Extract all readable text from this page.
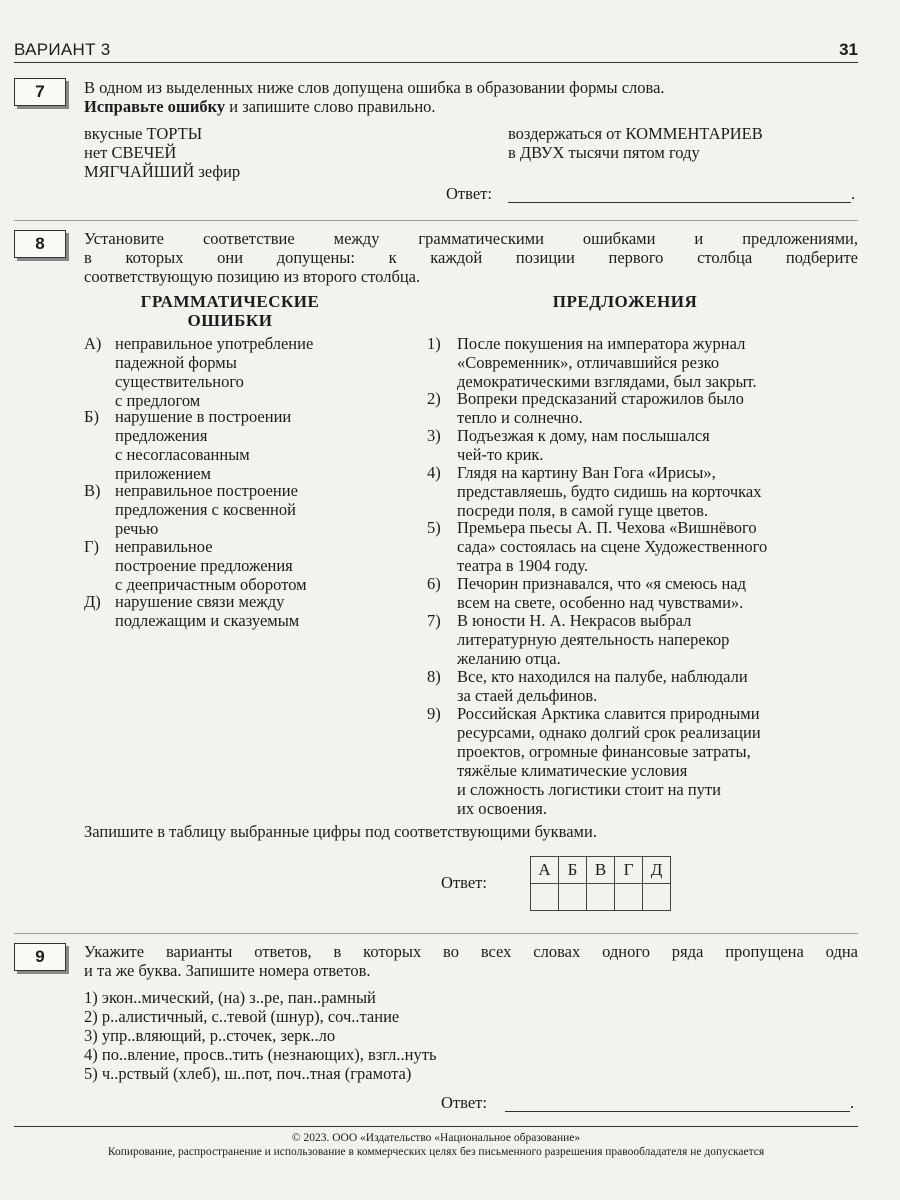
ВАРИАНТ 3	31
7	В одном из выделенных ниже слов допущена ошибка в образовании формы слова.
Исправьте ошибку и запишите слово правильно.
вкусные ТОРТЫ
нет СВЕЧЕЙ
МЯГЧАЙШИЙ зефир
воздержаться от КОММЕНТАРИЕВ
в ДВУХ тысячи пятом году
Ответ:	.
8	Установите соответствие между грамматическими ошибками и предложениями,
в которых они допущены: к каждой позиции первого столбца подберите
соответствующую позицию из второго столбца.
ГРАММАТИЧЕСКИЕ
ОШИБКИ
ПРЕДЛОЖЕНИЯ
А) неправильное употребление
падежной формы
существительного
с предлогом
Б) нарушение в построении
предложения
с несогласованным
приложением
В) неправильное построение
предложения с косвенной
речью
Г) неправильное
построение предложения
с деепричастным оборотом
Д) нарушение связи между
подлежащим и сказуемым
1) После покушения на императора журнал
«Современник», отличавшийся резко
демократическими взглядами, был закрыт.
2) Вопреки предсказаний старожилов было
тепло и солнечно.
3) Подъезжая к дому, нам послышался
чей-то крик.
4) Глядя на картину Ван Гога «Ирисы»,
представляешь, будто сидишь на корточках
посреди поля, в самой гуще цветов.
5) Премьера пьесы А. П. Чехова «Вишнёвого
сада» состоялась на сцене Художественного
театра в 1904 году.
6) Печорин признавался, что «я смеюсь над
всем на свете, особенно над чувствами».
7) В юности Н. А. Некрасов выбрал
литературную деятельность наперекор
желанию отца.
8) Все, кто находился на палубе, наблюдали
за стаей дельфинов.
9) Российская Арктика славится природными
ресурсами, однако долгий срок реализации
проектов, огромные финансовые затраты,
тяжёлые климатические условия
и сложность логистики стоит на пути
их освоения.
Запишите в таблицу выбранные цифры под соответствующими буквами.
Ответ:
А	Б	В	Г	Д

9	Укажите варианты ответов, в которых во всех словах одного ряда пропущена одна
и та же буква. Запишите номера ответов.
1) экон..мический, (на) з..ре, пан..рамный
2) р..алистичный, с..тевой (шнур), соч..тание
3) упр..вляющий, р..сточек, зерк..ло
4) по..вление, просв..тить (незнающих), взгл..нуть
5) ч..рствый (хлеб), ш..пот, поч..тная (грамота)
Ответ:	.
© 2023. ООО «Издательство «Национальное образование»
Копирование, распространение и использование в коммерческих целях без письменного разрешения правообладателя не допускается
